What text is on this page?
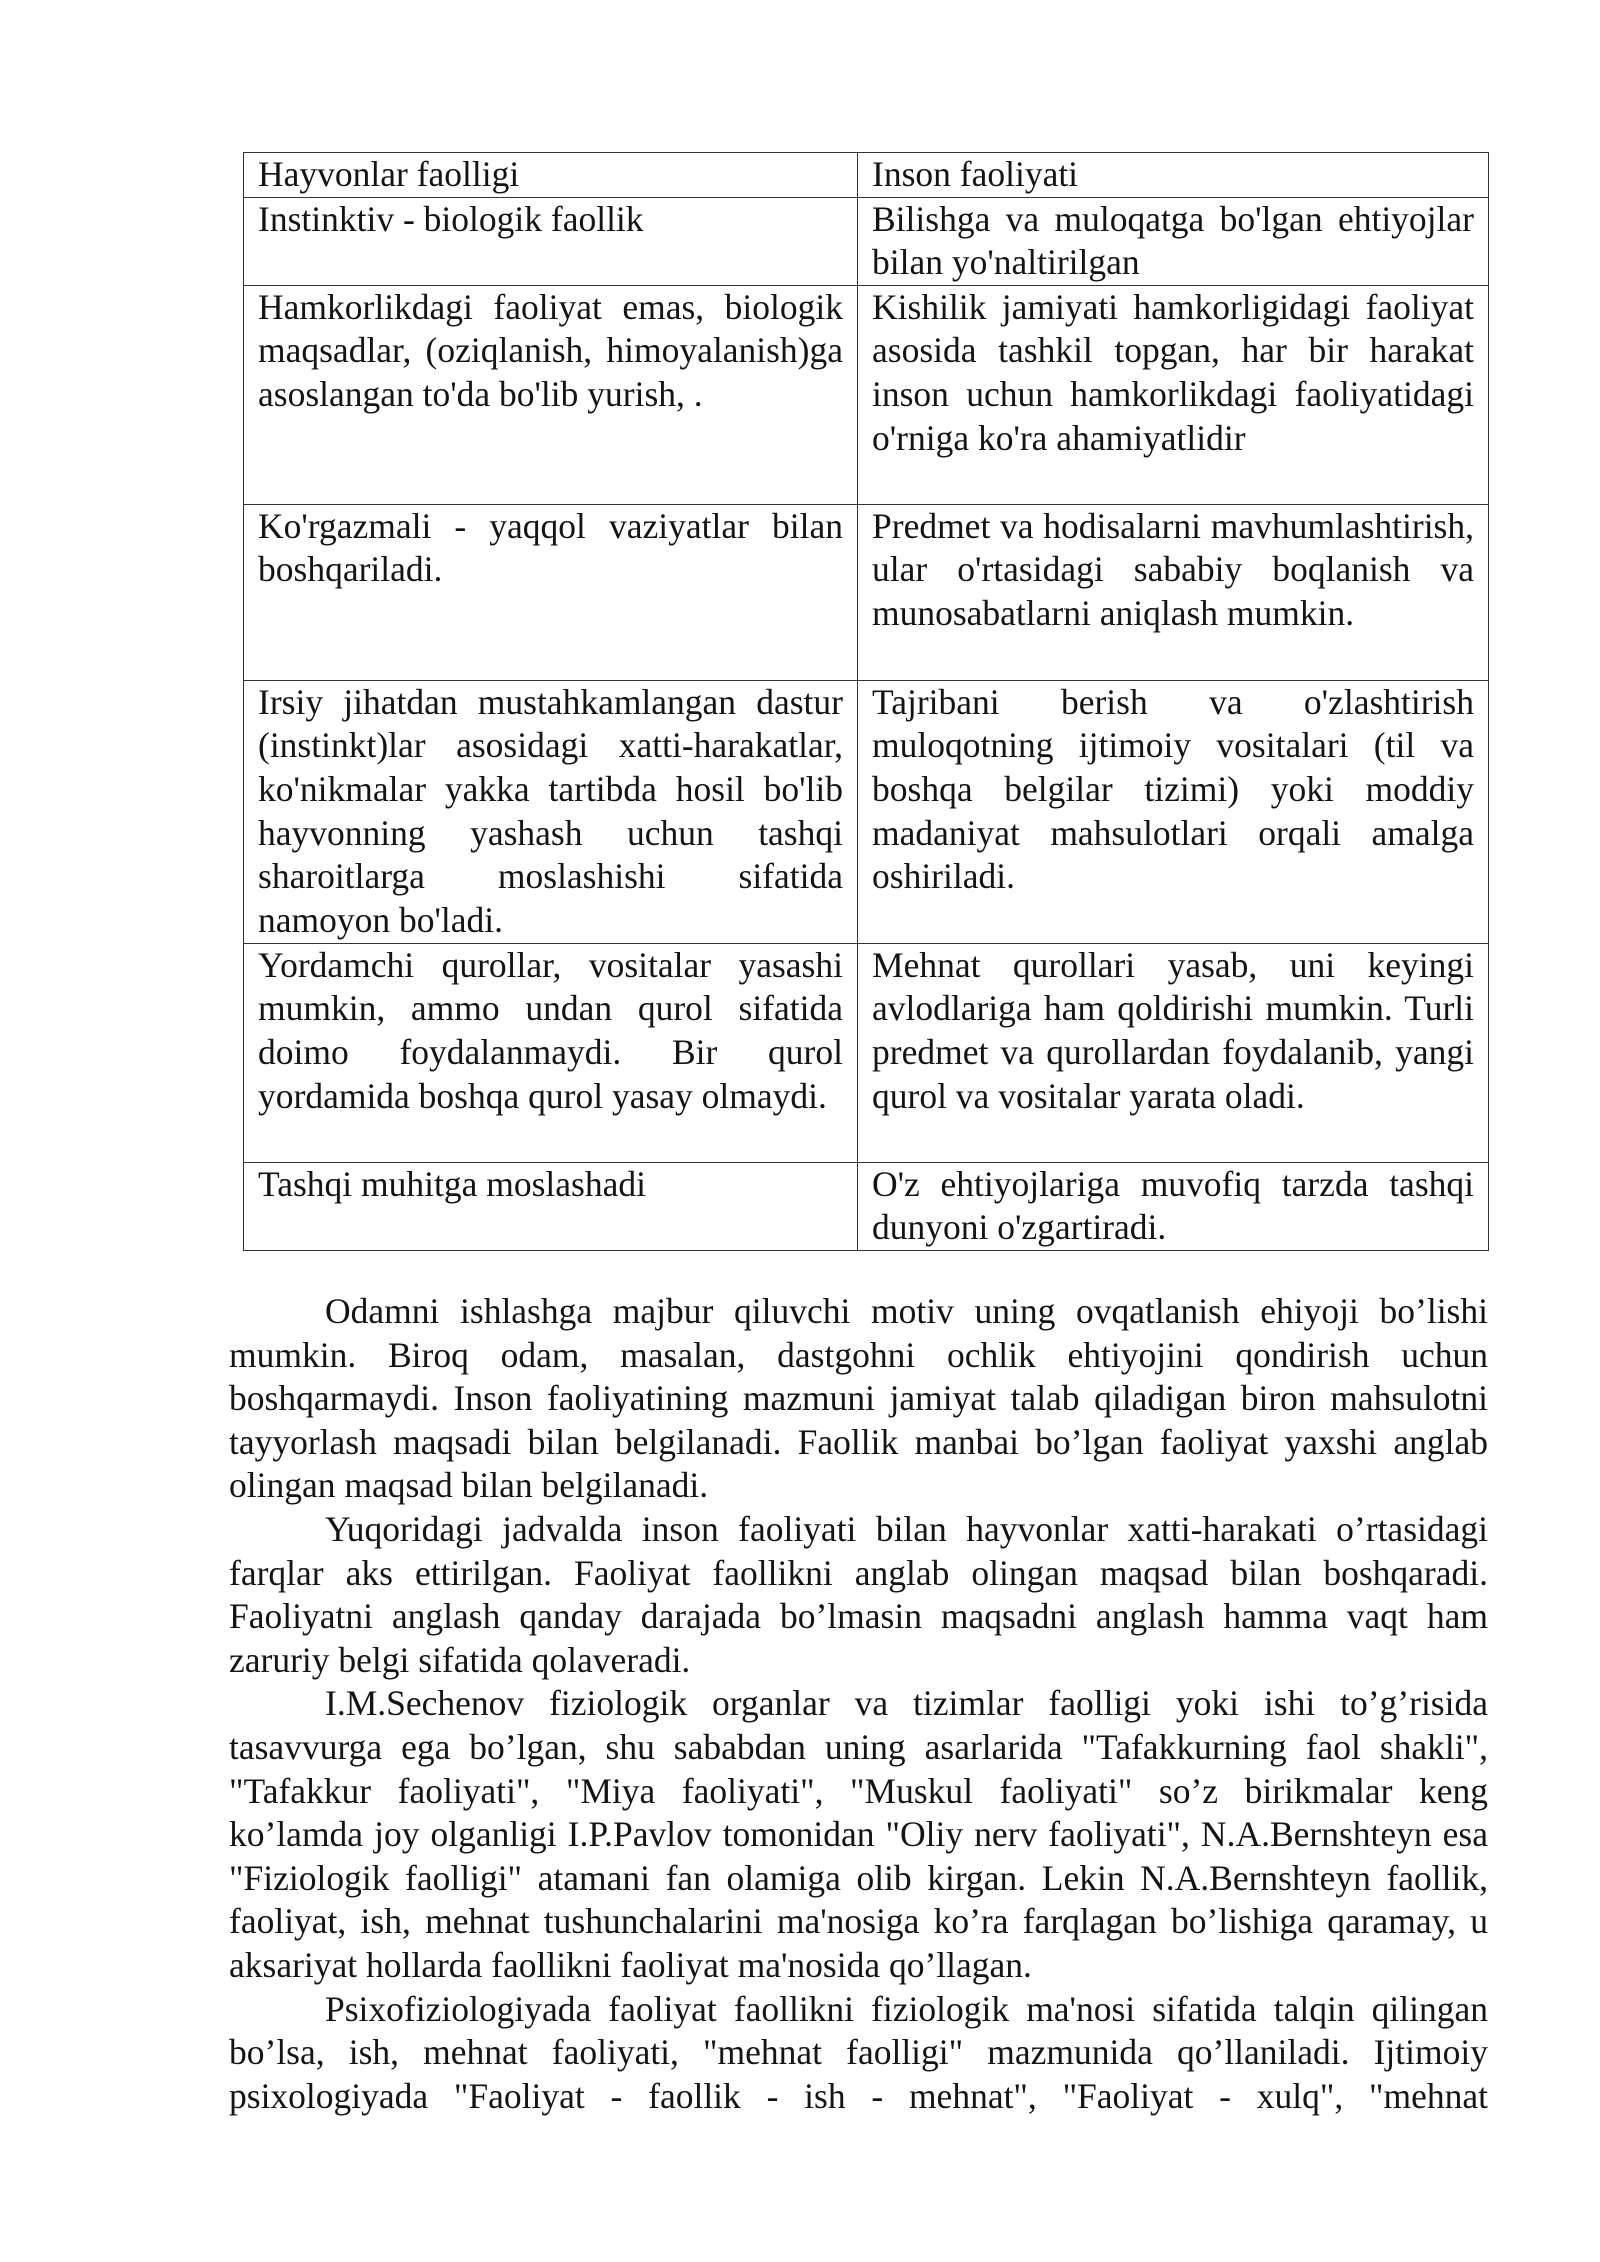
Hayvonlar faolligi	Inson faoliyati
Instinktiv - biologik faollik	Bilishga va muloqatga bo'lgan ehtiyojlar bilan yo'naltirilgan
Hamkorlikdagi faoliyat emas, biologik maqsadlar, (oziqlanish, himoyalanish)ga asoslangan to'da bo'lib yurish, .	Kishilik jamiyati hamkorligidagi faoliyat asosida tashkil topgan, har bir harakat inson uchun hamkorlikdagi faoliyatidagi o'rniga ko'ra ahamiyatlidir
Ko'rgazmali - yaqqol vaziyatlar bilan boshqariladi.	Predmet va hodisalarni mavhumlashtirish, ular o'rtasidagi sababiy boqlanish va munosabatlarni aniqlash mumkin.
Irsiy jihatdan mustahkamlangan dastur (instinkt)lar asosidagi xatti-harakatlar, ko'nikmalar yakka tartibda hosil bo'lib hayvonning yashash uchun tashqi sharoitlarga moslashishi sifatida namoyon bo'ladi.	Tajribani berish va o'zlashtirish muloqotning ijtimoiy vositalari (til va boshqa belgilar tizimi) yoki moddiy madaniyat mahsulotlari orqali amalga oshiriladi.
Yordamchi qurollar, vositalar yasashi mumkin, ammo undan qurol sifatida doimo foydalanmaydi. Bir qurol yordamida boshqa qurol yasay olmaydi.	Mehnat qurollari yasab, uni keyingi avlodlariga ham qoldirishi mumkin. Turli predmet va qurollardan foydalanib, yangi qurol va vositalar yarata oladi.
Tashqi muhitga moslashadi	O'z ehtiyojlariga muvofiq tarzda tashqi dunyoni o'zgartiradi.

Odamni ishlashga majbur qiluvchi motiv uning ovqatlanish ehiyoji bo’lishi mumkin. Biroq odam, masalan, dastgohni ochlik ehtiyojini qondirish uchun boshqarmaydi. Inson faoliyatining mazmuni jamiyat talab qiladigan biron mahsulotni tayyorlash maqsadi bilan belgilanadi. Faollik manbai bo’lgan faoliyat yaxshi anglab olingan maqsad bilan belgilanadi.

Yuqoridagi jadvalda inson faoliyati bilan hayvonlar xatti-harakati o’rtasidagi farqlar aks ettirilgan. Faoliyat faollikni anglab olingan maqsad bilan boshqaradi. Faoliyatni anglash qanday darajada bo’lmasin maqsadni anglash hamma vaqt ham zaruriy belgi sifatida qolaveradi.

I.M.Sechenov fiziologik organlar va tizimlar faolligi yoki ishi to’g’risida tasavvurga ega bo’lgan, shu sababdan uning asarlarida "Tafakkurning faol shakli", "Tafakkur faoliyati", "Miya faoliyati", "Muskul faoliyati" so’z birikmalar keng ko’lamda joy olganligi I.P.Pavlov tomonidan "Oliy nerv faoliyati", N.A.Bernshteyn esa "Fiziologik faolligi" atamani fan olamiga olib kirgan. Lekin N.A.Bernshteyn faollik, faoliyat, ish, mehnat tushunchalarini ma'nosiga ko’ra farqlagan bo’lishiga qaramay, u aksariyat hollarda faollikni faoliyat ma'nosida qo’llagan.

Psixofiziologiyada faoliyat faollikni fiziologik ma'nosi sifatida talqin qilingan bo’lsa, ish, mehnat faoliyati, "mehnat faolligi" mazmunida qo’llaniladi. Ijtimoiy psixologiyada "Faoliyat - faollik - ish - mehnat", "Faoliyat - xulq", "mehnat
